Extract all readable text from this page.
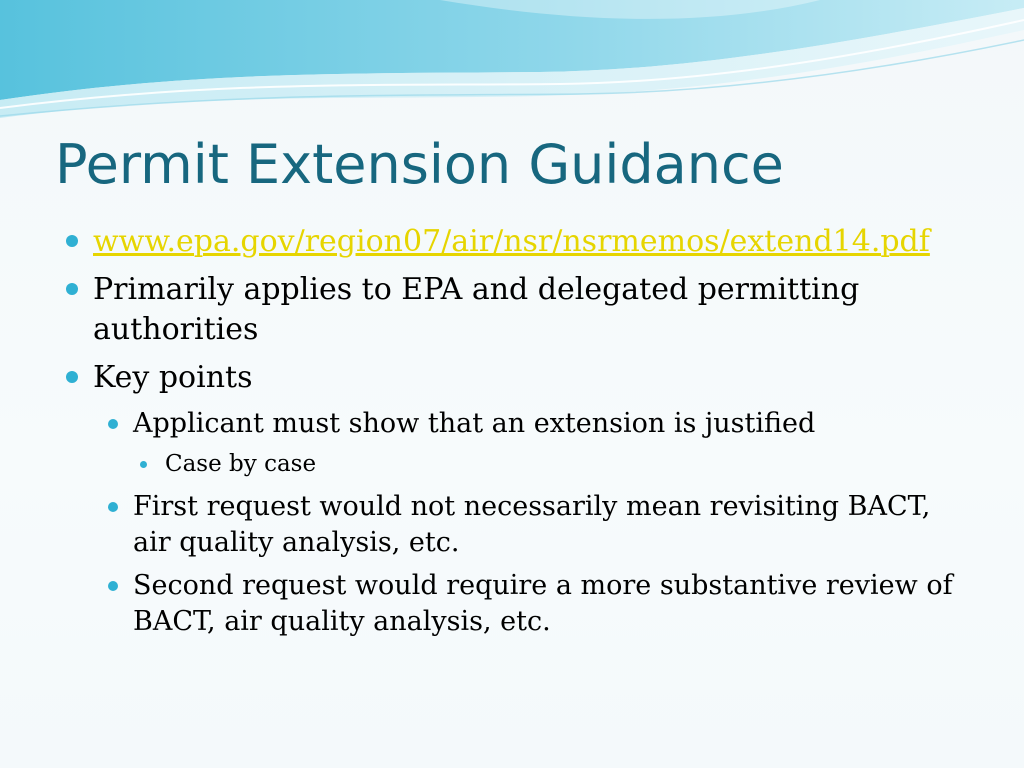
Permit Extension Guidance
www.epa.gov/region07/air/nsr/nsrmemos/extend14.pdf
Primarily applies to EPA and delegated permitting authorities
Key points
Applicant must show that an extension is justified
Case by case
First request would not necessarily mean revisiting BACT, air quality analysis, etc.
Second request would require a more substantive review of BACT, air quality analysis, etc.
